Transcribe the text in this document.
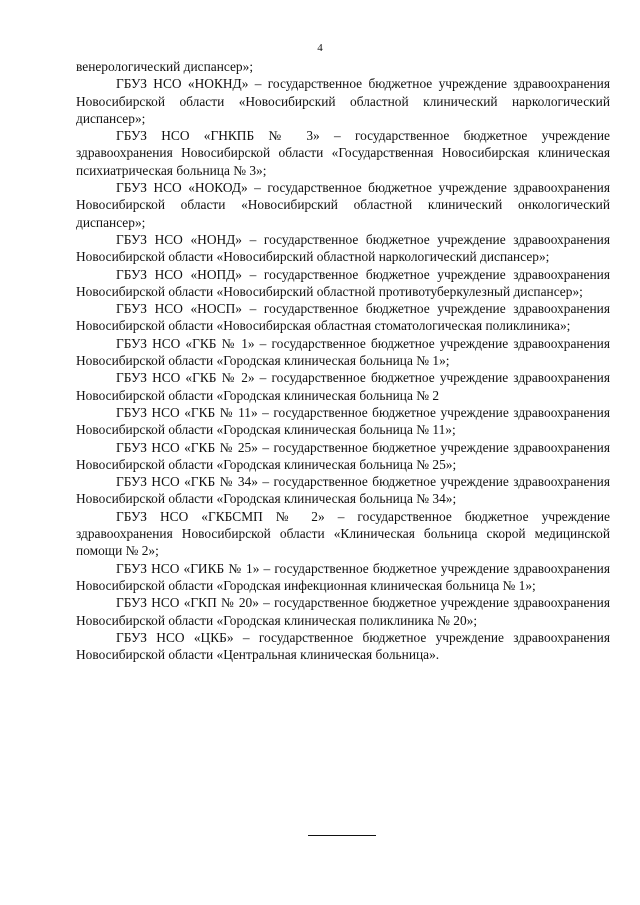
4

венерологический диспансер»;

ГБУЗ НСО «НОКНД» – государственное бюджетное учреждение здравоохранения Новосибирской области «Новосибирский областной клинический наркологический диспансер»;

ГБУЗ НСО «ГНКПБ № 3» – государственное бюджетное учреждение здравоохранения Новосибирской области «Государственная Новосибирская клиническая психиатрическая больница № 3»;

ГБУЗ НСО «НОКОД» – государственное бюджетное учреждение здравоохранения Новосибирской области «Новосибирский областной клинический онкологический диспансер»;

ГБУЗ НСО «НОНД» – государственное бюджетное учреждение здравоохранения Новосибирской области «Новосибирский областной наркологический диспансер»;

ГБУЗ НСО «НОПД» – государственное бюджетное учреждение здравоохранения Новосибирской области «Новосибирский областной противотуберкулезный диспансер»;

ГБУЗ НСО «НОСП» – государственное бюджетное учреждение здравоохранения Новосибирской области «Новосибирская областная стоматологическая поликлиника»;

ГБУЗ НСО «ГКБ № 1» – государственное бюджетное учреждение здравоохранения Новосибирской области «Городская клиническая больница № 1»;

ГБУЗ НСО «ГКБ № 2» – государственное бюджетное учреждение здравоохранения Новосибирской области «Городская клиническая больница № 2

ГБУЗ НСО «ГКБ № 11» – государственное бюджетное учреждение здравоохранения Новосибирской области «Городская клиническая больница № 11»;

ГБУЗ НСО «ГКБ № 25» – государственное бюджетное учреждение здравоохранения Новосибирской области «Городская клиническая больница № 25»;

ГБУЗ НСО «ГКБ № 34» – государственное бюджетное учреждение здравоохранения Новосибирской области «Городская клиническая больница № 34»;

ГБУЗ НСО «ГКБСМП № 2» – государственное бюджетное учреждение здравоохранения Новосибирской области «Клиническая больница скорой медицинской помощи № 2»;

ГБУЗ НСО «ГИКБ № 1» – государственное бюджетное учреждение здравоохранения Новосибирской области «Городская инфекционная клиническая больница № 1»;

ГБУЗ НСО «ГКП № 20» – государственное бюджетное учреждение здравоохранения Новосибирской области «Городская клиническая поликлиника № 20»;

ГБУЗ НСО «ЦКБ» – государственное бюджетное учреждение здравоохранения Новосибирской области «Центральная клиническая больница».
